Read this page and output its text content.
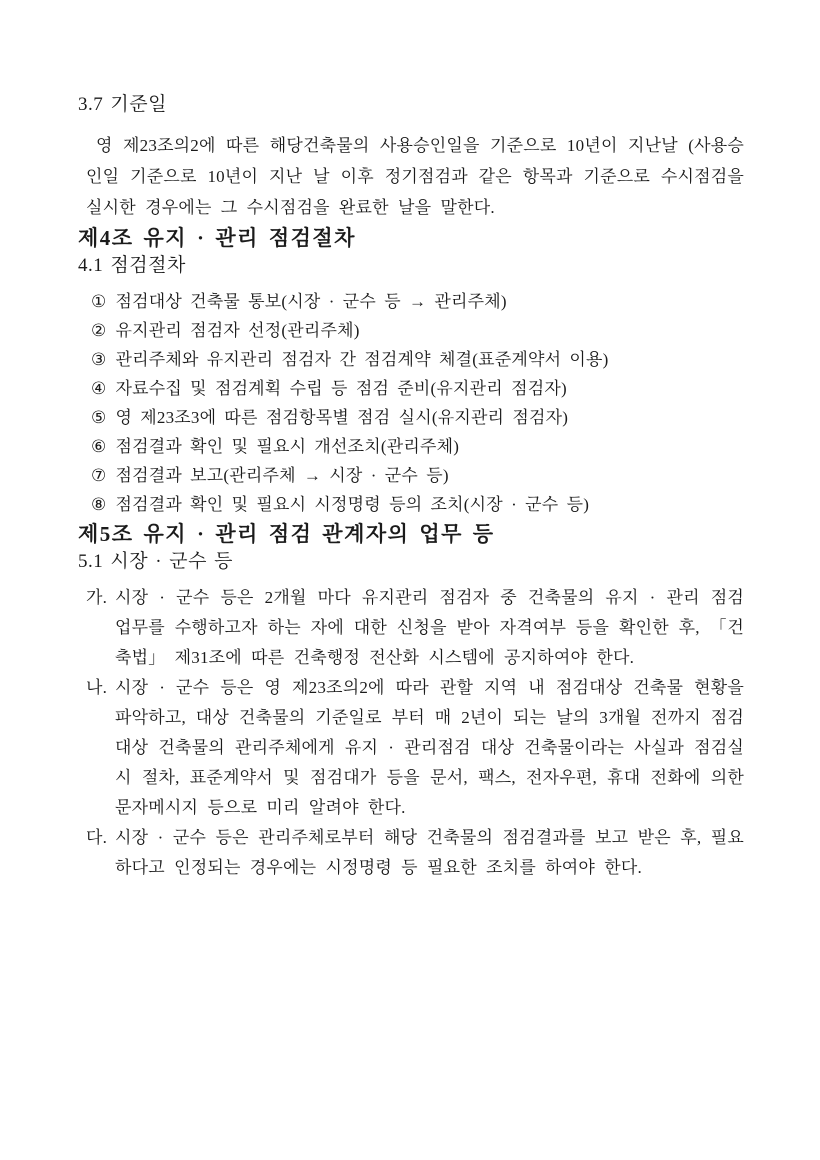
3.7 기준일

영 제23조의2에 따른 해당건축물의 사용승인일을 기준으로 10년이 지난날 (사용승인일 기준으로 10년이 지난 날 이후 정기점검과 같은 항목과 기준으로 수시점검을 실시한 경우에는 그 수시점검을 완료한 날을 말한다.

제4조 유지 · 관리 점검절차
4.1 점검절차
① 점검대상 건축물 통보(시장 · 군수 등 → 관리주체)
② 유지관리 점검자 선정(관리주체)
③ 관리주체와 유지관리 점검자 간 점검계약 체결(표준계약서 이용)
④ 자료수집 및 점검계획 수립 등 점검 준비(유지관리 점검자)
⑤ 영 제23조3에 따른 점검항목별 점검 실시(유지관리 점검자)
⑥ 점검결과 확인 및 필요시 개선조치(관리주체)
⑦ 점검결과 보고(관리주체 → 시장 · 군수 등)
⑧ 점검결과 확인 및 필요시 시정명령 등의 조치(시장 · 군수 등)
제5조 유지 · 관리 점검 관계자의 업무 등
5.1 시장 · 군수 등
가. 시장 · 군수 등은 2개월 마다 유지관리 점검자 중 건축물의 유지 · 관리 점검 업무를 수행하고자 하는 자에 대한 신청을 받아 자격여부 등을 확인한 후, 「건축법」 제31조에 따른 건축행정 전산화 시스템에 공지하여야 한다.
나. 시장 · 군수 등은 영 제23조의2에 따라 관할 지역 내 점검대상 건축물 현황을 파악하고, 대상 건축물의 기준일로 부터 매 2년이 되는 날의 3개월 전까지 점검대상 건축물의 관리주체에게 유지 · 관리점검 대상 건축물이라는 사실과 점검실시 절차, 표준계약서 및 점검대가 등을 문서, 팩스, 전자우편, 휴대 전화에 의한 문자메시지 등으로 미리 알려야 한다.
다. 시장 · 군수 등은 관리주체로부터 해당 건축물의 점검결과를 보고 받은 후, 필요하다고 인정되는 경우에는 시정명령 등 필요한 조치를 하여야 한다.
